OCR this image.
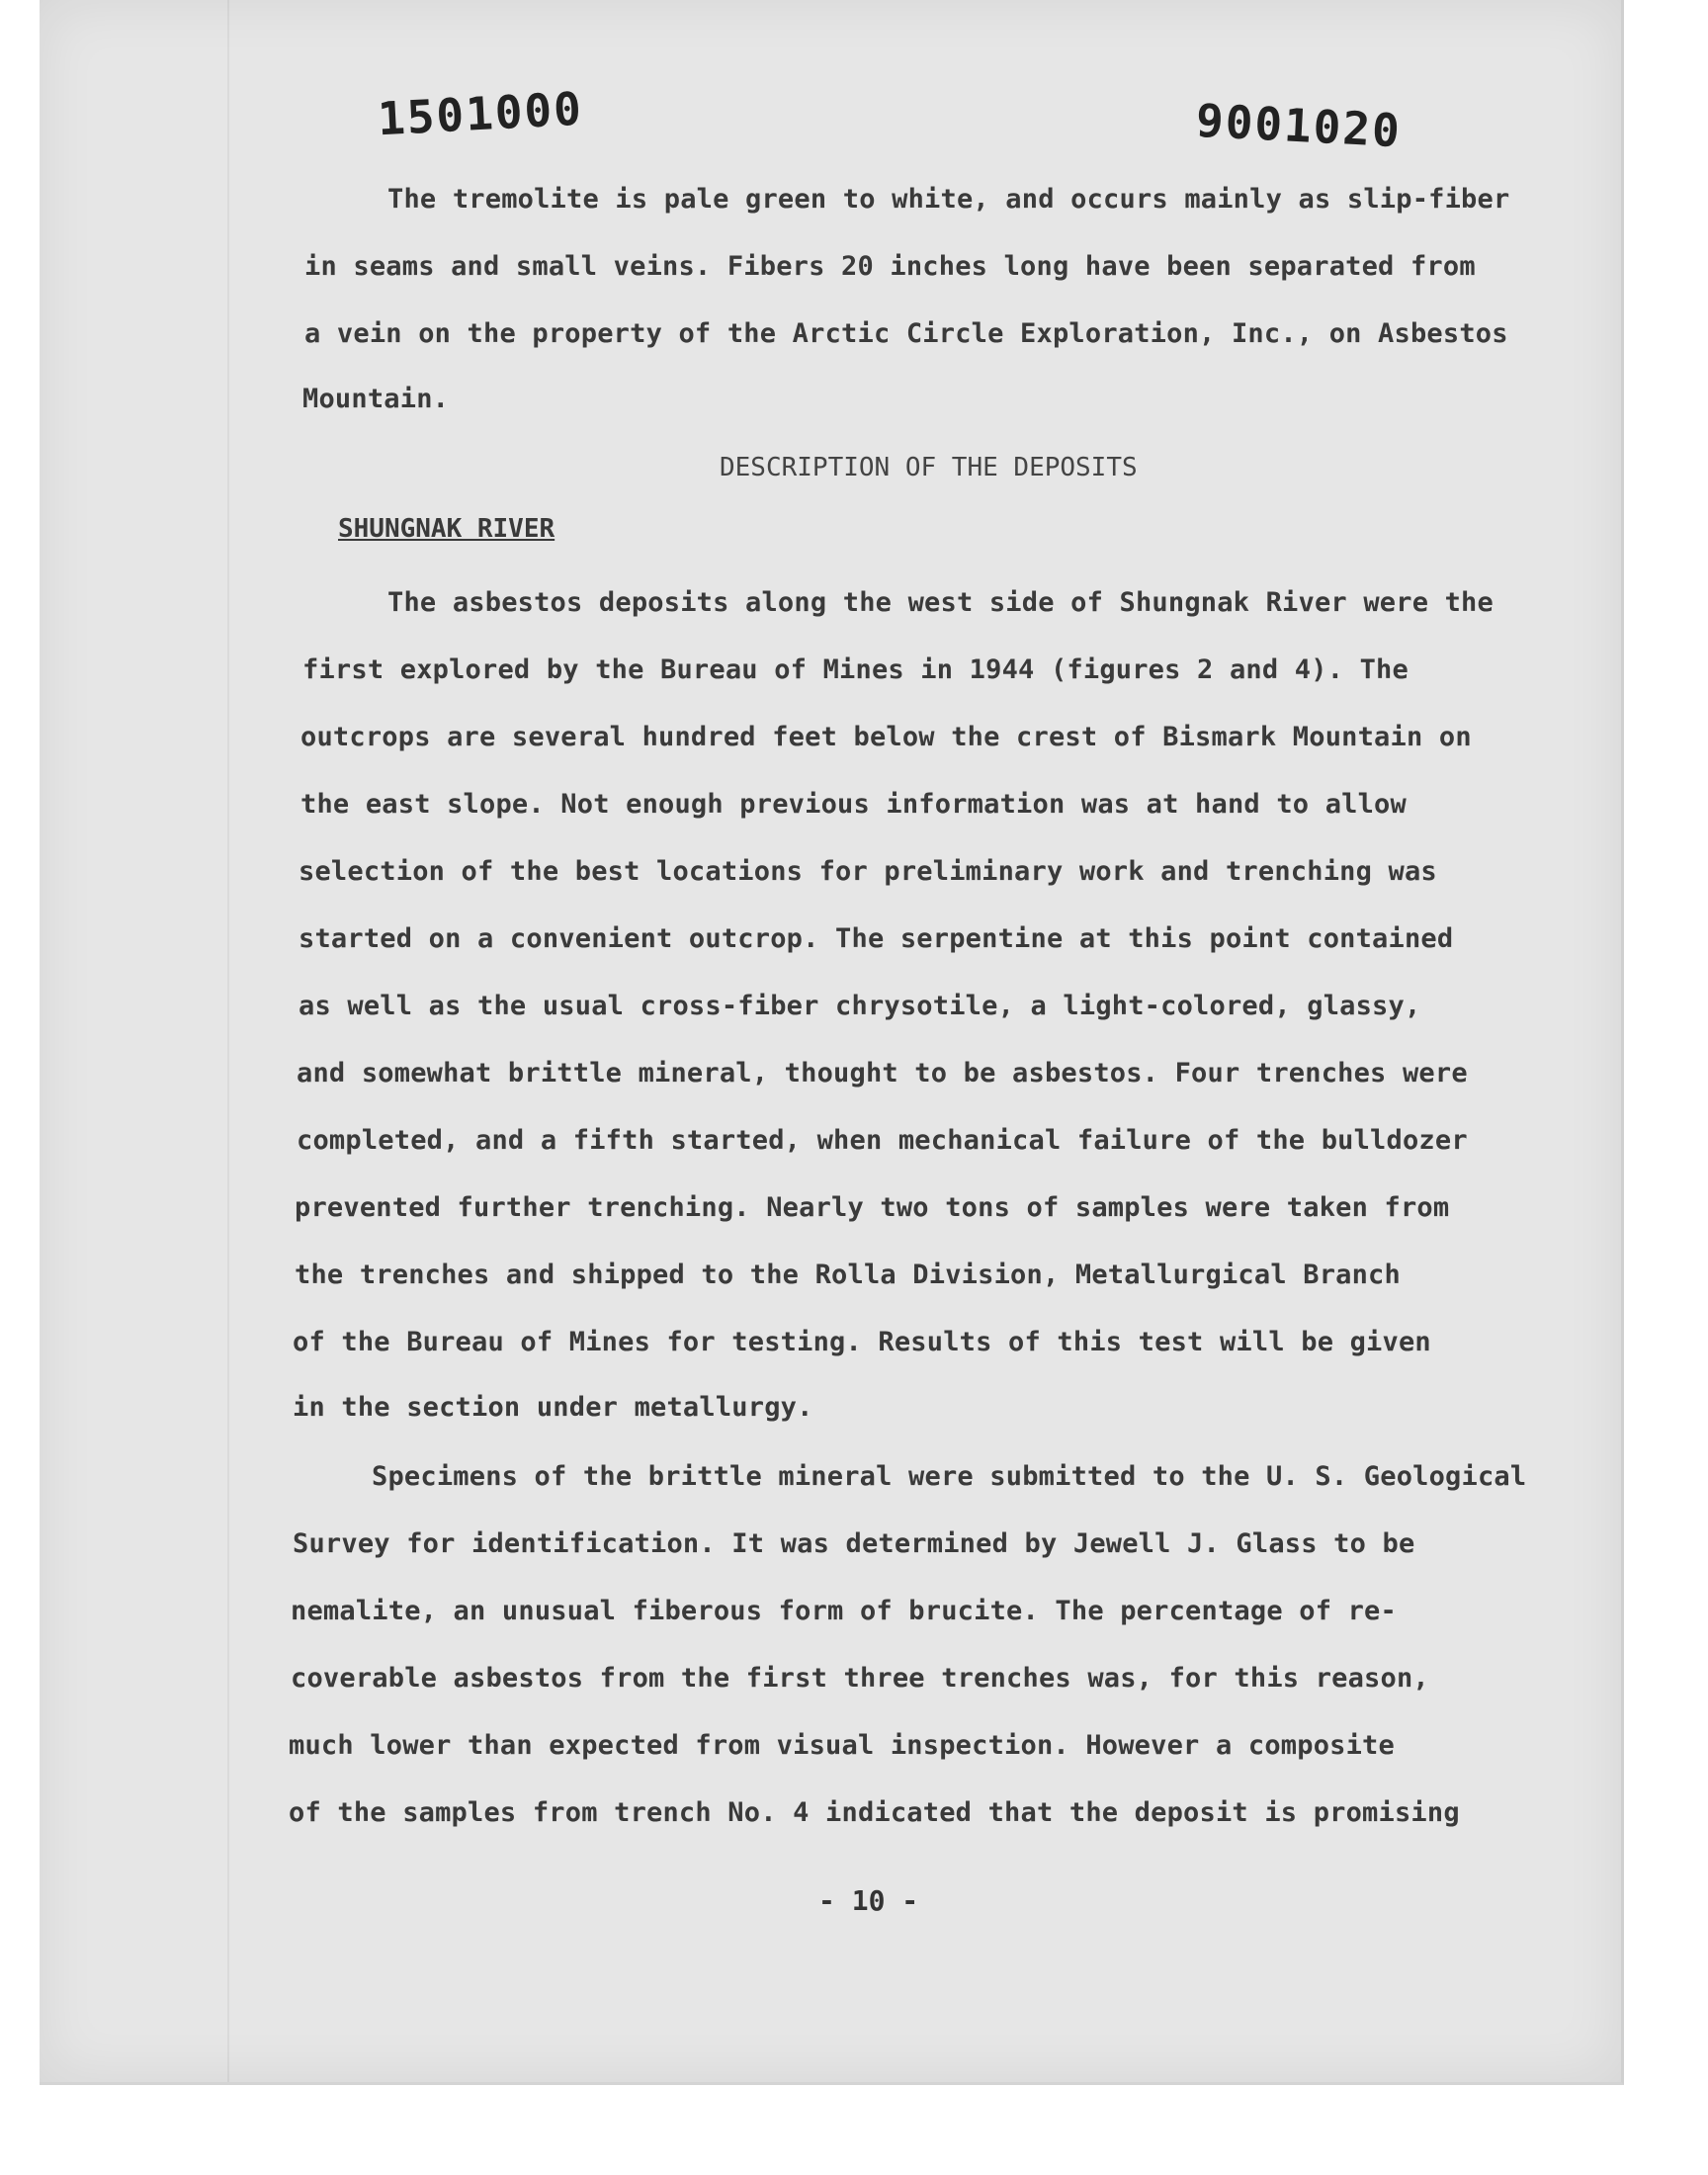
1501000	9001020
The tremolite is pale green to white, and occurs mainly as slip-fiber
in seams and small veins. Fibers 20 inches long have been separated from
a vein on the property of the Arctic Circle Exploration, Inc., on Asbestos
Mountain.
DESCRIPTION OF THE DEPOSITS
SHUNGNAK RIVER
The asbestos deposits along the west side of Shungnak River were the
first explored by the Bureau of Mines in 1944 (figures 2 and 4). The
outcrops are several hundred feet below the crest of Bismark Mountain on
the east slope. Not enough previous information was at hand to allow
selection of the best locations for preliminary work and trenching was
started on a convenient outcrop. The serpentine at this point contained
as well as the usual cross-fiber chrysotile, a light-colored, glassy,
and somewhat brittle mineral, thought to be asbestos. Four trenches were
completed, and a fifth started, when mechanical failure of the bulldozer
prevented further trenching. Nearly two tons of samples were taken from
the trenches and shipped to the Rolla Division, Metallurgical Branch
of the Bureau of Mines for testing. Results of this test will be given
in the section under metallurgy.
Specimens of the brittle mineral were submitted to the U. S. Geological
Survey for identification. It was determined by Jewell J. Glass to be
nemalite, an unusual fiberous form of brucite. The percentage of re-
coverable asbestos from the first three trenches was, for this reason,
much lower than expected from visual inspection. However a composite
of the samples from trench No. 4 indicated that the deposit is promising
- 10 -
